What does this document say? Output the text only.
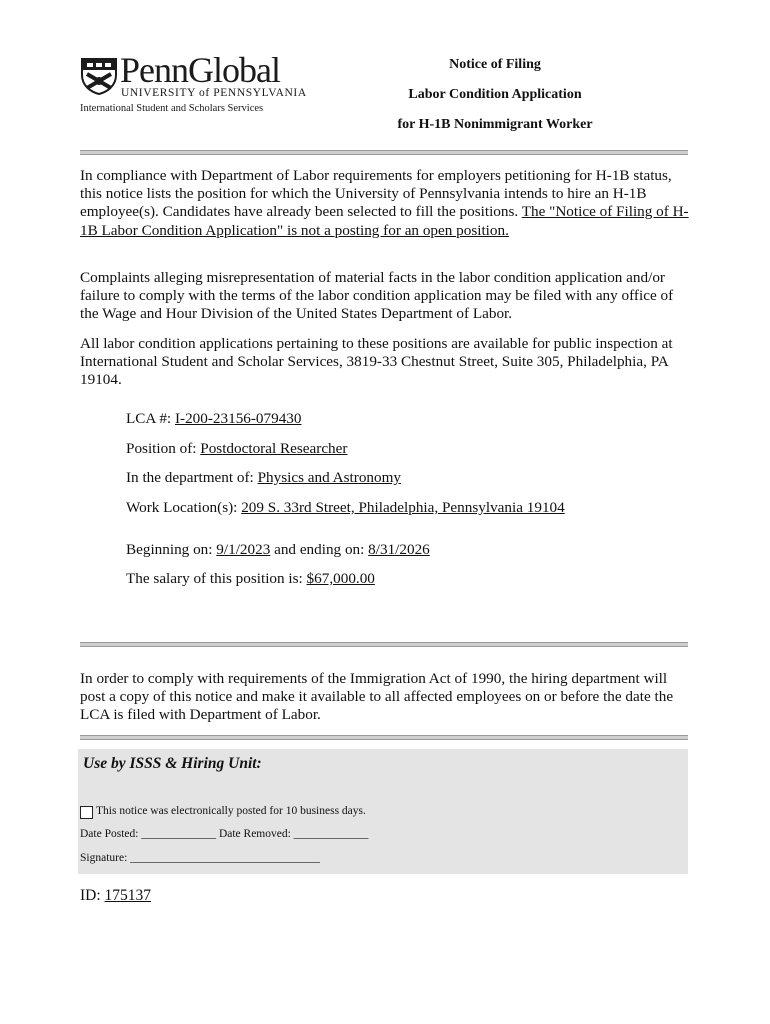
PennGlobal
UNIVERSITY of PENNSYLVANIA
International Student and Scholars Services
Notice of Filing
Labor Condition Application
for H-1B Nonimmigrant Worker

In compliance with Department of Labor requirements for employers petitioning for H-1B status, this notice lists the position for which the University of Pennsylvania intends to hire an H-1B employee(s). Candidates have already been selected to fill the positions. The "Notice of Filing of H-1B Labor Condition Application" is not a posting for an open position.

Complaints alleging misrepresentation of material facts in the labor condition application and/or failure to comply with the terms of the labor condition application may be filed with any office of the Wage and Hour Division of the United States Department of Labor.

All labor condition applications pertaining to these positions are available for public inspection at International Student and Scholar Services, 3819-33 Chestnut Street, Suite 305, Philadelphia, PA 19104.

LCA #: I-200-23156-079430
Position of: Postdoctoral Researcher
In the department of: Physics and Astronomy
Work Location(s): 209 S. 33rd Street, Philadelphia, Pennsylvania 19104
Beginning on: 9/1/2023 and ending on: 8/31/2026
The salary of this position is: $67,000.00

In order to comply with requirements of the Immigration Act of 1990, the hiring department will post a copy of this notice and make it available to all affected employees on or before the date the LCA is filed with Department of Labor.

Use by ISSS & Hiring Unit:
This notice was electronically posted for 10 business days.
Date Posted: _____________ Date Removed: _____________
Signature: _________________________________
ID: 175137
